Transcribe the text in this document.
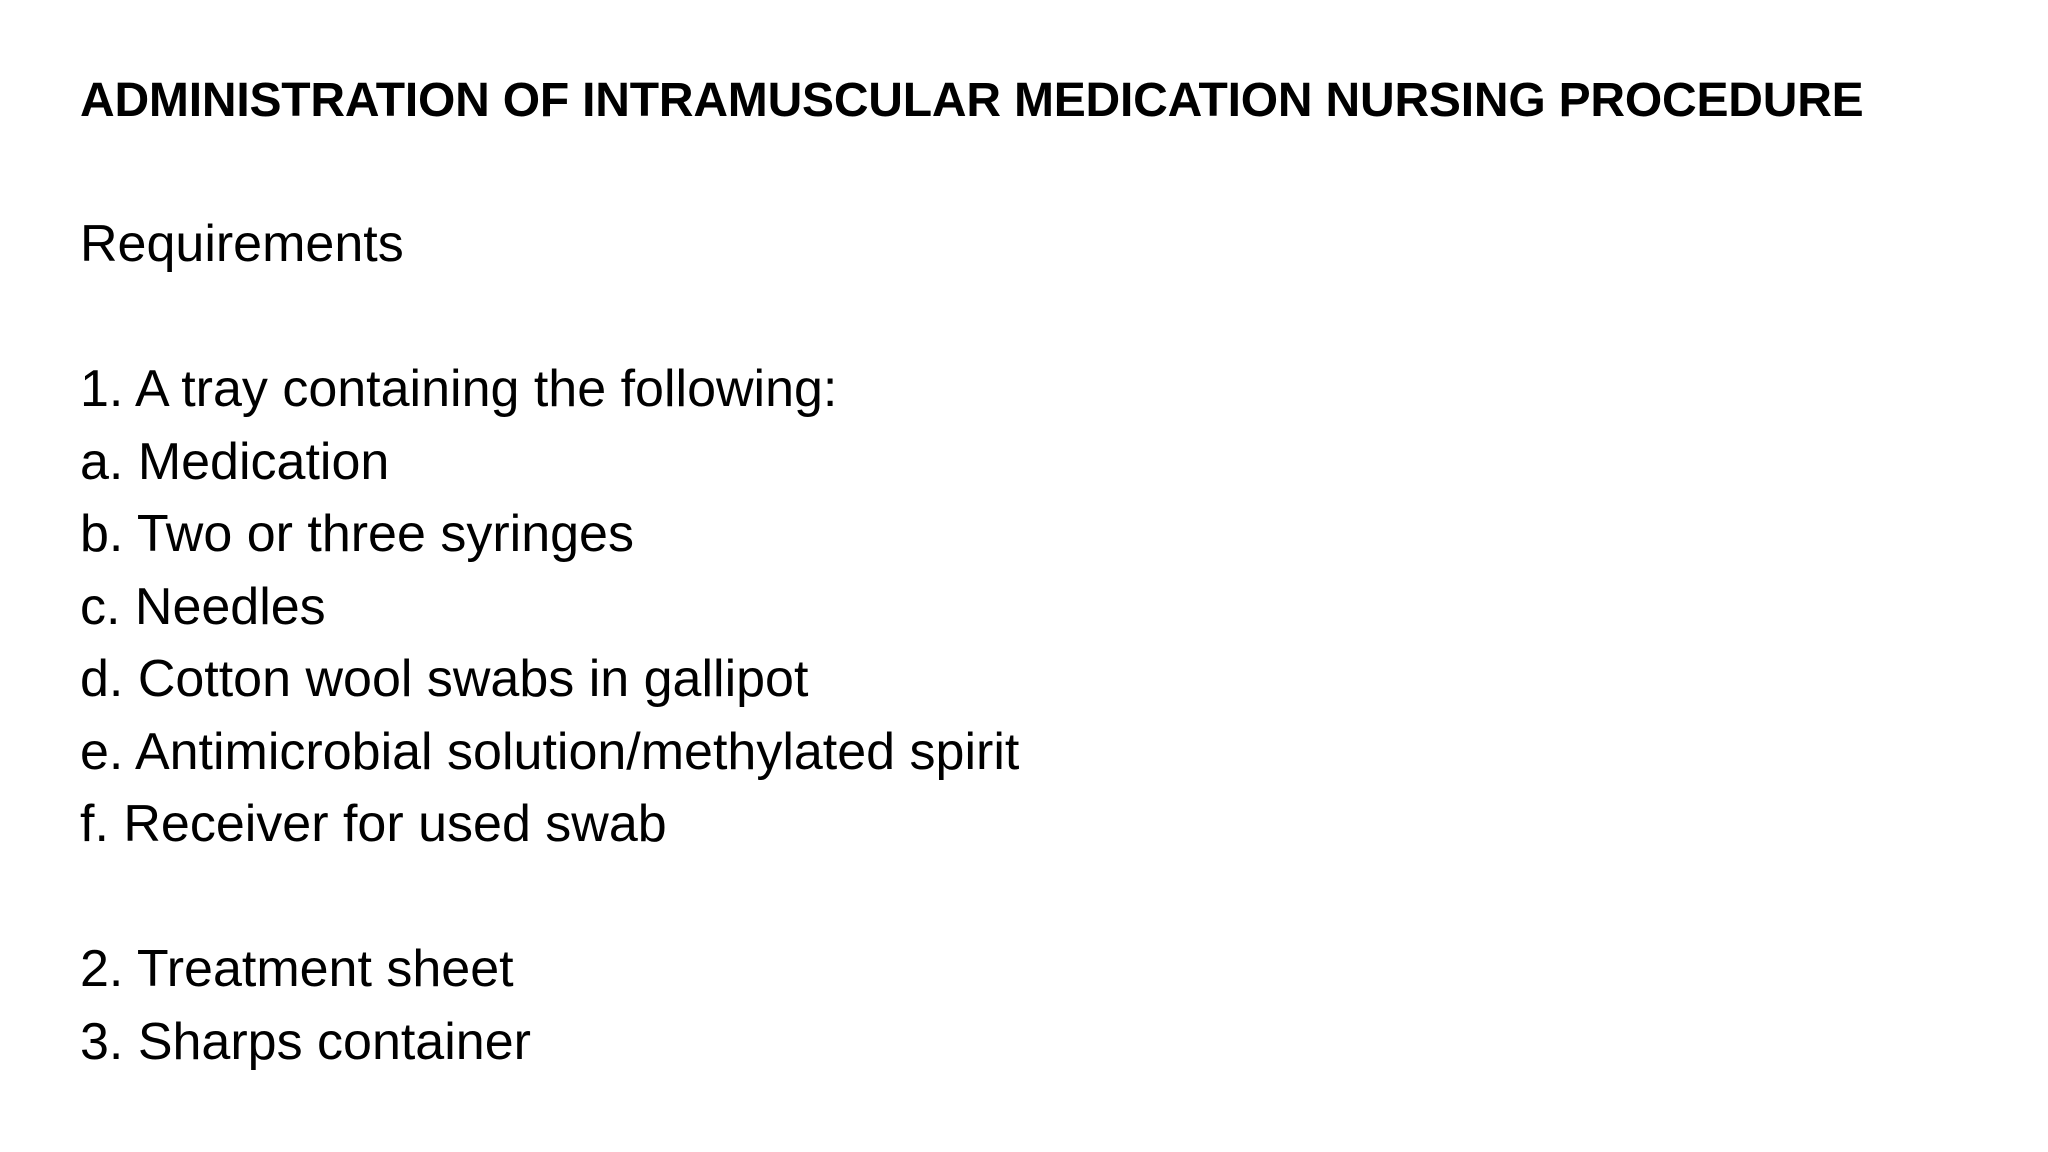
ADMINISTRATION OF INTRAMUSCULAR MEDICATION NURSING PROCEDURE
Requirements
1. A tray containing the following:
a. Medication
b. Two or three syringes
c. Needles
d. Cotton wool swabs in gallipot
e. Antimicrobial solution/methylated spirit
f. Receiver for used swab
2. Treatment sheet
3. Sharps container
